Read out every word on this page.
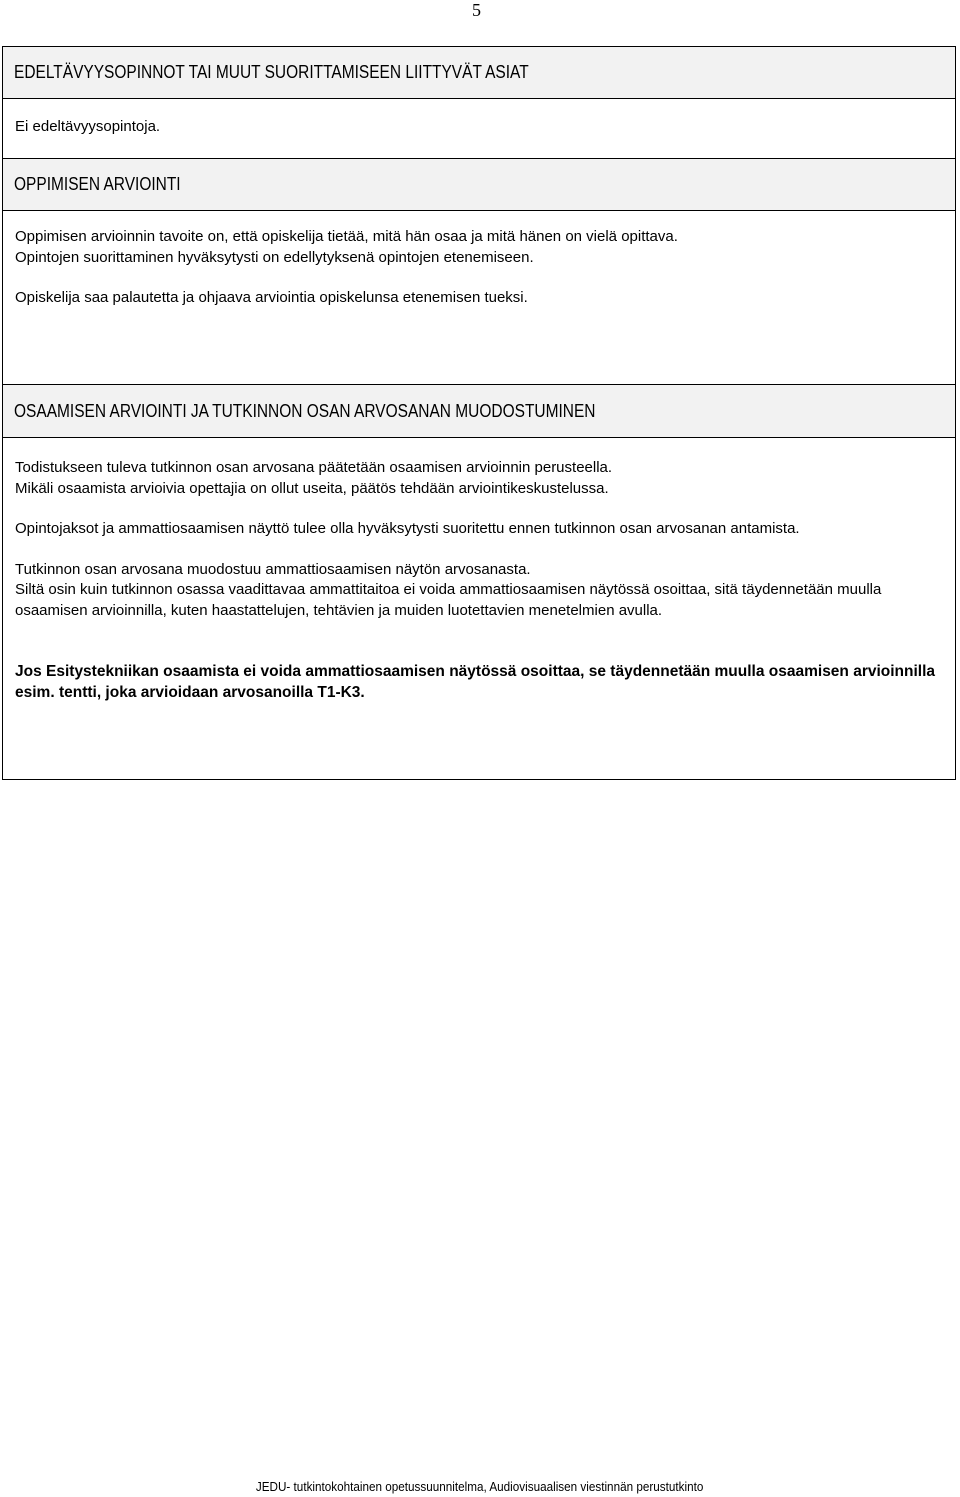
5
EDELTÄVYYSOPINNOT TAI MUUT SUORITTAMISEEN LIITTYVÄT ASIAT

Ei edeltävyysopintoja.

OPPIMISEN ARVIOINTI

Oppimisen arvioinnin tavoite on, että opiskelija tietää, mitä hän osaa ja mitä hänen on vielä opittava.

Opintojen suorittaminen hyväksytysti on edellytyksenä opintojen etenemiseen.

Opiskelija saa palautetta ja ohjaava arviointia opiskelunsa etenemisen tueksi.

OSAAMISEN ARVIOINTI JA TUTKINNON OSAN ARVOSANAN MUODOSTUMINEN

Todistukseen tuleva tutkinnon osan arvosana päätetään osaamisen arvioinnin perusteella.

Mikäli osaamista arvioivia opettajia on ollut useita, päätös tehdään arviointikeskustelussa.

Opintojaksot ja ammattiosaamisen näyttö tulee olla hyväksytysti suoritettu ennen tutkinnon osan arvosanan antamista.

Tutkinnon osan arvosana muodostuu ammattiosaamisen näytön arvosanasta.

Siltä osin kuin tutkinnon osassa vaadittavaa ammattitaitoa ei voida ammattiosaamisen näytössä osoittaa, sitä täydennetään muulla osaamisen arvioinnilla, kuten haastattelujen, tehtävien ja muiden luotettavien menetelmien avulla.

Jos Esitystekniikan osaamista ei voida ammattiosaamisen näytössä osoittaa, se täydennetään muulla osaamisen arvioinnilla esim. tentti, joka arvioidaan arvosanoilla T1-K3.

JEDU- tutkintokohtainen opetussuunnitelma, Audiovisuaalisen viestinnän perustutkinto
